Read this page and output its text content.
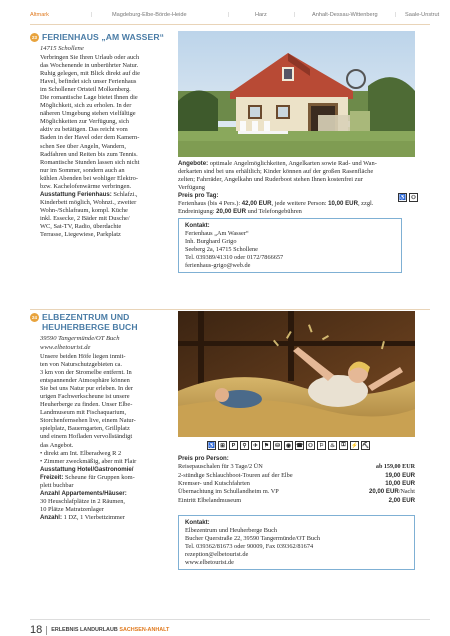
Altmark	|	Magdeburg-Elbe-Börde-Heide	|	Harz	|	Anhalt-Dessau-Wittenberg	| Saale-Unstrut
23 FERIENHAUS „AM WASSER“
14715 Schollene
Verbringen Sie Ihren Urlaub oder auch
das Wochenende in unberührter Natur.
Ruhig gelegen, mit Blick direkt auf die
Havel, befindet sich unser Ferienhaus
im Schollener Ortsteil Molkenberg.
Die romantische Lage bietet Ihnen die
Möglichkeit, sich zu erholen. In der
näheren Umgebung stehen vielfältige
Möglichkeiten zur Verfügung, sich
aktiv zu betätigen. Das reicht vom
Baden in der Havel oder dem Kamern-
schen See über Angeln, Wandern,
Radfahren und Reiten bis zum Tennis.
Romantische Stunden lassen sich nicht
nur im Sommer, sondern auch an
kühlen Abenden bei wohliger Elektro-
bzw. Kachelofenwärme verbringen.
Ausstattung Ferienhaus: Schlafzi.,
Kinderbett möglich, Wohnzi., zweiter
Wohn-/Schlafraum, kompl. Küche
inkl. Essecke, 2 Bäder mit Dusche/
WC, Sat-TV, Radio, überdachte
Terrasse, Liegewiese, Parkplatz
Angebote: optimale Angelmöglichkeiten, Angelkarten sowie Rad- und Wan-
derkarten sind bei uns erhältlich; Kinder können auf der großen Rasenfläche
zelten; Fahrräder, Angelkahn und Ruderboot stehen Ihnen kostenfrei zur
Verfügung
Preis pro Tag:
Ferienhaus (bis 4 Pers.): 42,00 EUR, jede weitere Person: 10,00 EUR, zzgl.
Endreinigung: 20,00 EUR und Telefongebühren
♿ ⚇
Kontakt:
Ferienhaus „Am Wasser“
Inh. Burghard Grigo
Seeberg 2a, 14715 Schollene
Tel. 039389/41310 oder 0172/7866657
ferienhaus-grigo@web.de
24 ELBEZENTRUM UND
HEUHERBERGE BUCH
39590 Tangermünde/OT Buch
www.elbetourist.de
Unsere beiden Höfe liegen inmit-
ten von Naturschutzgebieten ca.
3 km von der Stromelbe entfernt. In
entspannender Atmosphäre können
Sie bei uns Natur pur erleben. In der
urigen Fachwerkscheune ist unsere
Heuherberge zu finden. Unser Elbe-
Landmuseum mit Fischaquarium,
Storchenfernsehen live, einem Natur-
spielplatz, Bauerngarten, Grillplatz
und einem Hofladen vervollständigt
das Angebot.
• direkt am Int. Elberadweg R 2
• Zimmer zweckmäßig, aber mit Flair
Ausstattung Hotel/Gastronomie/
Freizeit: Scheune für Gruppen kom-
plett buchbar
Anzahl Appartements/Häuser:
30 Heuschlafplätze in 2 Räumen,
10 Plätze Matratzenlager
Anzahl: 1 DZ, 1 Vierbettzimmer
♿ ⊞	P	⚲	✈	⚑	⛁	◉ ☎ ⚇	⚐	♨	⚿ ⚡ ⛏
Preis pro Person:
Reisepauschalen für 3 Tage/2 ÜN	ab 159,00 EUR
2-stündige Schlauchboot-Touren auf der Elbe	19,00 EUR
Kremser- und Kutschfahrten	10,00 EUR
Übernachtung im Schullandheim m. VP	20,00 EUR/Nacht
Eintritt Elbelandmuseum	2,00 EUR
Kontakt:
Elbezentrum und Heuherberge Buch
Bucher Querstraße 22, 39590 Tangermünde/OT Buch
Tel. 039362/81673 oder 90009, Fax 039362/81674
rezeption@elbetourist.de
www.elbetourist.de
18 ERLEBNIS LANDURLAUB SACHSEN-ANHALT
